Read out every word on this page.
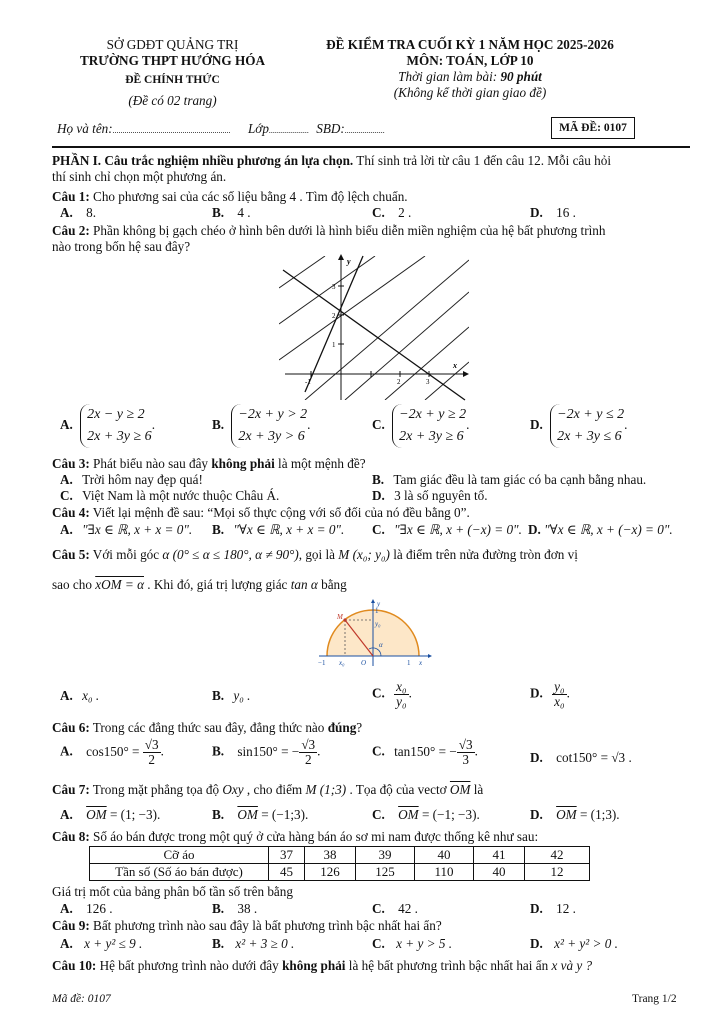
SỞ GDĐT QUẢNG TRỊ
TRƯỜNG THPT HƯỚNG HÓA
ĐỀ CHÍNH THỨC
(Đề có 02 trang)
ĐỀ KIỂM TRA CUỐI KỲ 1 NĂM HỌC 2025-2026
MÔN: TOÁN, LỚP 10
Thời gian làm bài: 90 phút
(Không kể thời gian giao đề)
Họ và tên:........................................................... Lớp.................... SBD:....................	MÃ ĐỀ: 0107
PHẦN I. Câu trắc nghiệm nhiều phương án lựa chọn. Thí sinh trả lời từ câu 1 đến câu 12. Mỗi câu hỏi
thí sinh chỉ chọn một phương án.
Câu 1: Cho phương sai của các số liệu bằng 4 . Tìm độ lệch chuẩn.
A. 8.	B. 4 .	C. 2 .	D. 16 .
Câu 2: Phần không bị gạch chéo ở hình bên dưới là hình biểu diễn miền nghiệm của hệ bất phương trình
nào trong bốn hệ sau đây?
y
x
3
2
1
-1	2	3
A.
2x − y ≥ 2
2x + 3y ≥ 6
.	B.
−2x + y > 2
2x + 3y > 6
.	C.
−2x + y ≥ 2
2x + 3y ≥ 6
.	D.
−2x + y ≤ 2
2x + 3y ≤ 6
.
Câu 3: Phát biểu nào sau đây không phải là một mệnh đề?
A. Trời hôm nay đẹp quá!	B. Tam giác đều là tam giác có ba cạnh bằng nhau.
C. Việt Nam là một nước thuộc Châu Á.	D. 3 là số nguyên tố.
Câu 4: Viết lại mệnh đề sau: “Mọi số thực cộng với số đối của nó đều bằng 0”.
A. "∃x ∈ ℝ, x + x = 0". B. "∀x ∈ ℝ, x + x = 0". C. "∃x ∈ ℝ, x + (−x) = 0". D. "∀x ∈ ℝ, x + (−x) = 0".
Câu 5: Với mỗi góc α (0° ≤ α ≤ 180°, α ≠ 90°), gọi là M (x₀; y₀) là điểm trên nửa đường tròn đơn vị
sao cho xOM = α . Khi đó, giá trị lượng giác tan α bằng
y
1
y₀
M
α
−1 x₀ O	1 x
A. x₀ .	B. y₀ .	C. $\frac{\text{x₀}}{\text{y₀}}$ .	D. $\frac{\text{y₀}}{\text{x₀}}$ .
Câu 6: Trong các đẳng thức sau đây, đẳng thức nào đúng?
A. $\cos 150^\circ = \frac{√3}{2}$ .	B. sin150° = − $\frac{√3}{2}$ .	C. tan150° = − $\frac{√3}{3}$ .	D. cot150° = √3 .
Câu 7: Trong mặt phẳng tọa độ Oxy , cho điểm M (1;3) . Tọa độ của vectơ $\overline{OM}$ là
A. $\overline{OM} = (1$; −3).	B. $\overline{OM}$ = (−1;3).	C. $\overline{OM} = (-1$; −3).	D. $\overline{OM}$ = (1;3).
Câu 8: Số áo bán được trong một quý ở cửa hàng bán áo sơ mi nam được thống kê như sau:
Cỡ áo	37	38	39	40	41	42
Tần số (Số áo bán được)	45	126	125	110	40	12
Giá trị mốt của bảng phân bố tần số trên bằng
A. 126 .	B. 38 .	C. 42 .	D. 12 .
Câu 9: Bất phương trình nào sau đây là bất phương trình bậc nhất hai ẩn?
A. x + y² ≤ 9 .	B. x² + 3 ≥ 0 .	C. x + y > 5 .	D. x² + y² > 0 .
Câu 10: Hệ bất phương trình nào dưới đây không phải là hệ bất phương trình bậc nhất hai ẩn x và y ?
Mã đề: 0107	Trang 1/2
